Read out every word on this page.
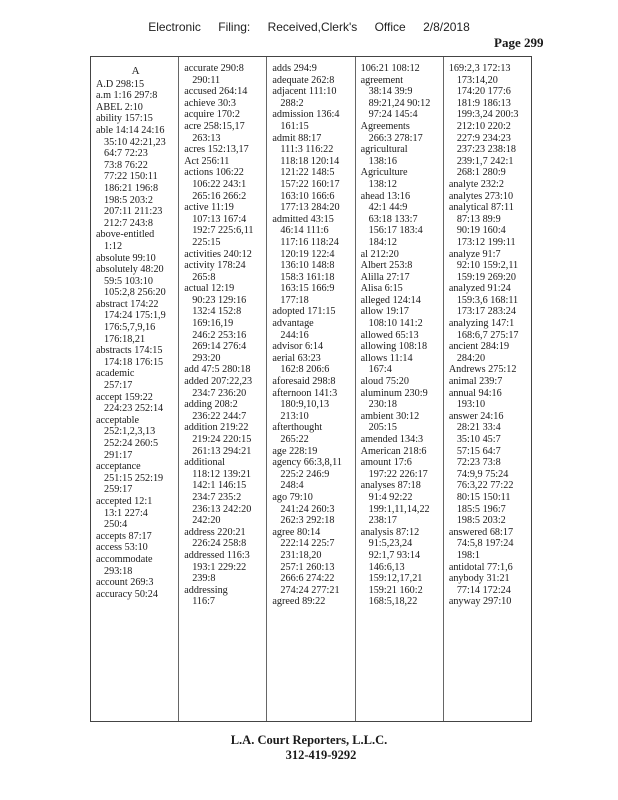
Electronic Filing: Received,Clerk's Office 2/8/2018
Page 299
A
A.D 298:15
a.m 1:16 297:8
ABEL 2:10
ability 157:15
able 14:14 24:16
35:10 42:21,23
64:7 72:23
73:8 76:22
77:22 150:11
186:21 196:8
198:5 203:2
207:11 211:23
212:7 243:8
above-entitled
1:12
absolute 99:10
absolutely 48:20
59:5 103:10
105:2,8 256:20
abstract 174:22
174:24 175:1,9
176:5,7,9,16
176:18,21
abstracts 174:15
174:18 176:15
academic
257:17
accept 159:22
224:23 252:14
acceptable
252:1,2,3,13
252:24 260:5
291:17
acceptance
251:15 252:19
259:17
accepted 12:1
13:1 227:4
250:4
accepts 87:17
access 53:10
accommodate
293:18
account 269:3
accuracy 50:24
accurate 290:8
290:11
accused 264:14
achieve 30:3
acquire 170:2
acre 258:15,17
263:13
acres 152:13,17
Act 256:11
actions 106:22
106:22 243:1
265:16 266:2
active 11:19
107:13 167:4
192:7 225:6,11
225:15
activities 240:12
activity 178:24
265:8
actual 12:19
90:23 129:16
132:4 152:8
169:16,19
246:2 253:16
269:14 276:4
293:20
add 47:5 280:18
added 207:22,23
234:7 236:20
adding 208:2
236:22 244:7
addition 219:22
219:24 220:15
261:13 294:21
additional
118:12 139:21
142:1 146:15
234:7 235:2
236:13 242:20
242:20
address 220:21
226:24 258:8
addressed 116:3
193:1 229:22
239:8
addressing
116:7
adds 294:9
adequate 262:8
adjacent 111:10
288:2
admission 136:4
161:15
admit 88:17
111:3 116:22
118:18 120:14
121:22 148:5
157:22 160:17
163:10 166:6
177:13 284:20
admitted 43:15
46:14 111:6
117:16 118:24
120:19 122:4
136:10 148:8
158:3 161:18
163:15 166:9
177:18
adopted 171:15
advantage
244:16
advisor 6:14
aerial 63:23
162:8 206:6
aforesaid 298:8
afternoon 141:3
180:9,10,13
213:10
afterthought
265:22
age 228:19
agency 66:3,8,11
225:2 246:9
248:4
ago 79:10
241:24 260:3
262:3 292:18
agree 80:14
222:14 225:7
231:18,20
257:1 260:13
266:6 274:22
274:24 277:21
agreed 89:22
106:21 108:12
agreement
38:14 39:9
89:21,24 90:12
97:24 145:4
Agreements
266:3 278:17
agricultural
138:16
Agriculture
138:12
ahead 13:16
42:1 44:9
63:18 133:7
156:17 183:4
184:12
al 212:20
Albert 253:8
Alilla 27:17
Alisa 6:15
alleged 124:14
allow 19:17
108:10 141:2
allowed 65:13
allowing 108:18
allows 11:14
167:4
aloud 75:20
aluminum 230:9
230:18
ambient 30:12
205:15
amended 134:3
American 218:6
amount 17:6
197:22 226:17
analyses 87:18
91:4 92:22
199:1,11,14,22
238:17
analysis 87:12
91:5,23,24
92:1,7 93:14
146:6,13
159:12,17,21
159:21 160:2
168:5,18,22
169:2,3 172:13
173:14,20
174:20 177:6
181:9 186:13
199:3,24 200:3
212:10 220:2
227:9 234:23
237:23 238:18
239:1,7 242:1
268:1 280:9
analyte 232:2
analytes 273:10
analytical 87:11
87:13 89:9
90:19 160:4
173:12 199:11
analyze 91:7
92:10 159:2,11
159:19 269:20
analyzed 91:24
159:3,6 168:11
173:17 283:24
analyzing 147:1
168:6,7 275:17
ancient 284:19
284:20
Andrews 275:12
animal 239:7
annual 94:16
193:10
answer 24:16
28:21 33:4
35:10 45:7
57:15 64:7
72:23 73:8
74:9,9 75:24
76:3,22 77:22
80:15 150:11
185:5 196:7
198:5 203:2
answered 68:17
74:5,8 197:24
198:1
antidotal 77:1,6
anybody 31:21
77:14 172:24
anyway 297:10
L.A. Court Reporters, L.L.C.
312-419-9292
